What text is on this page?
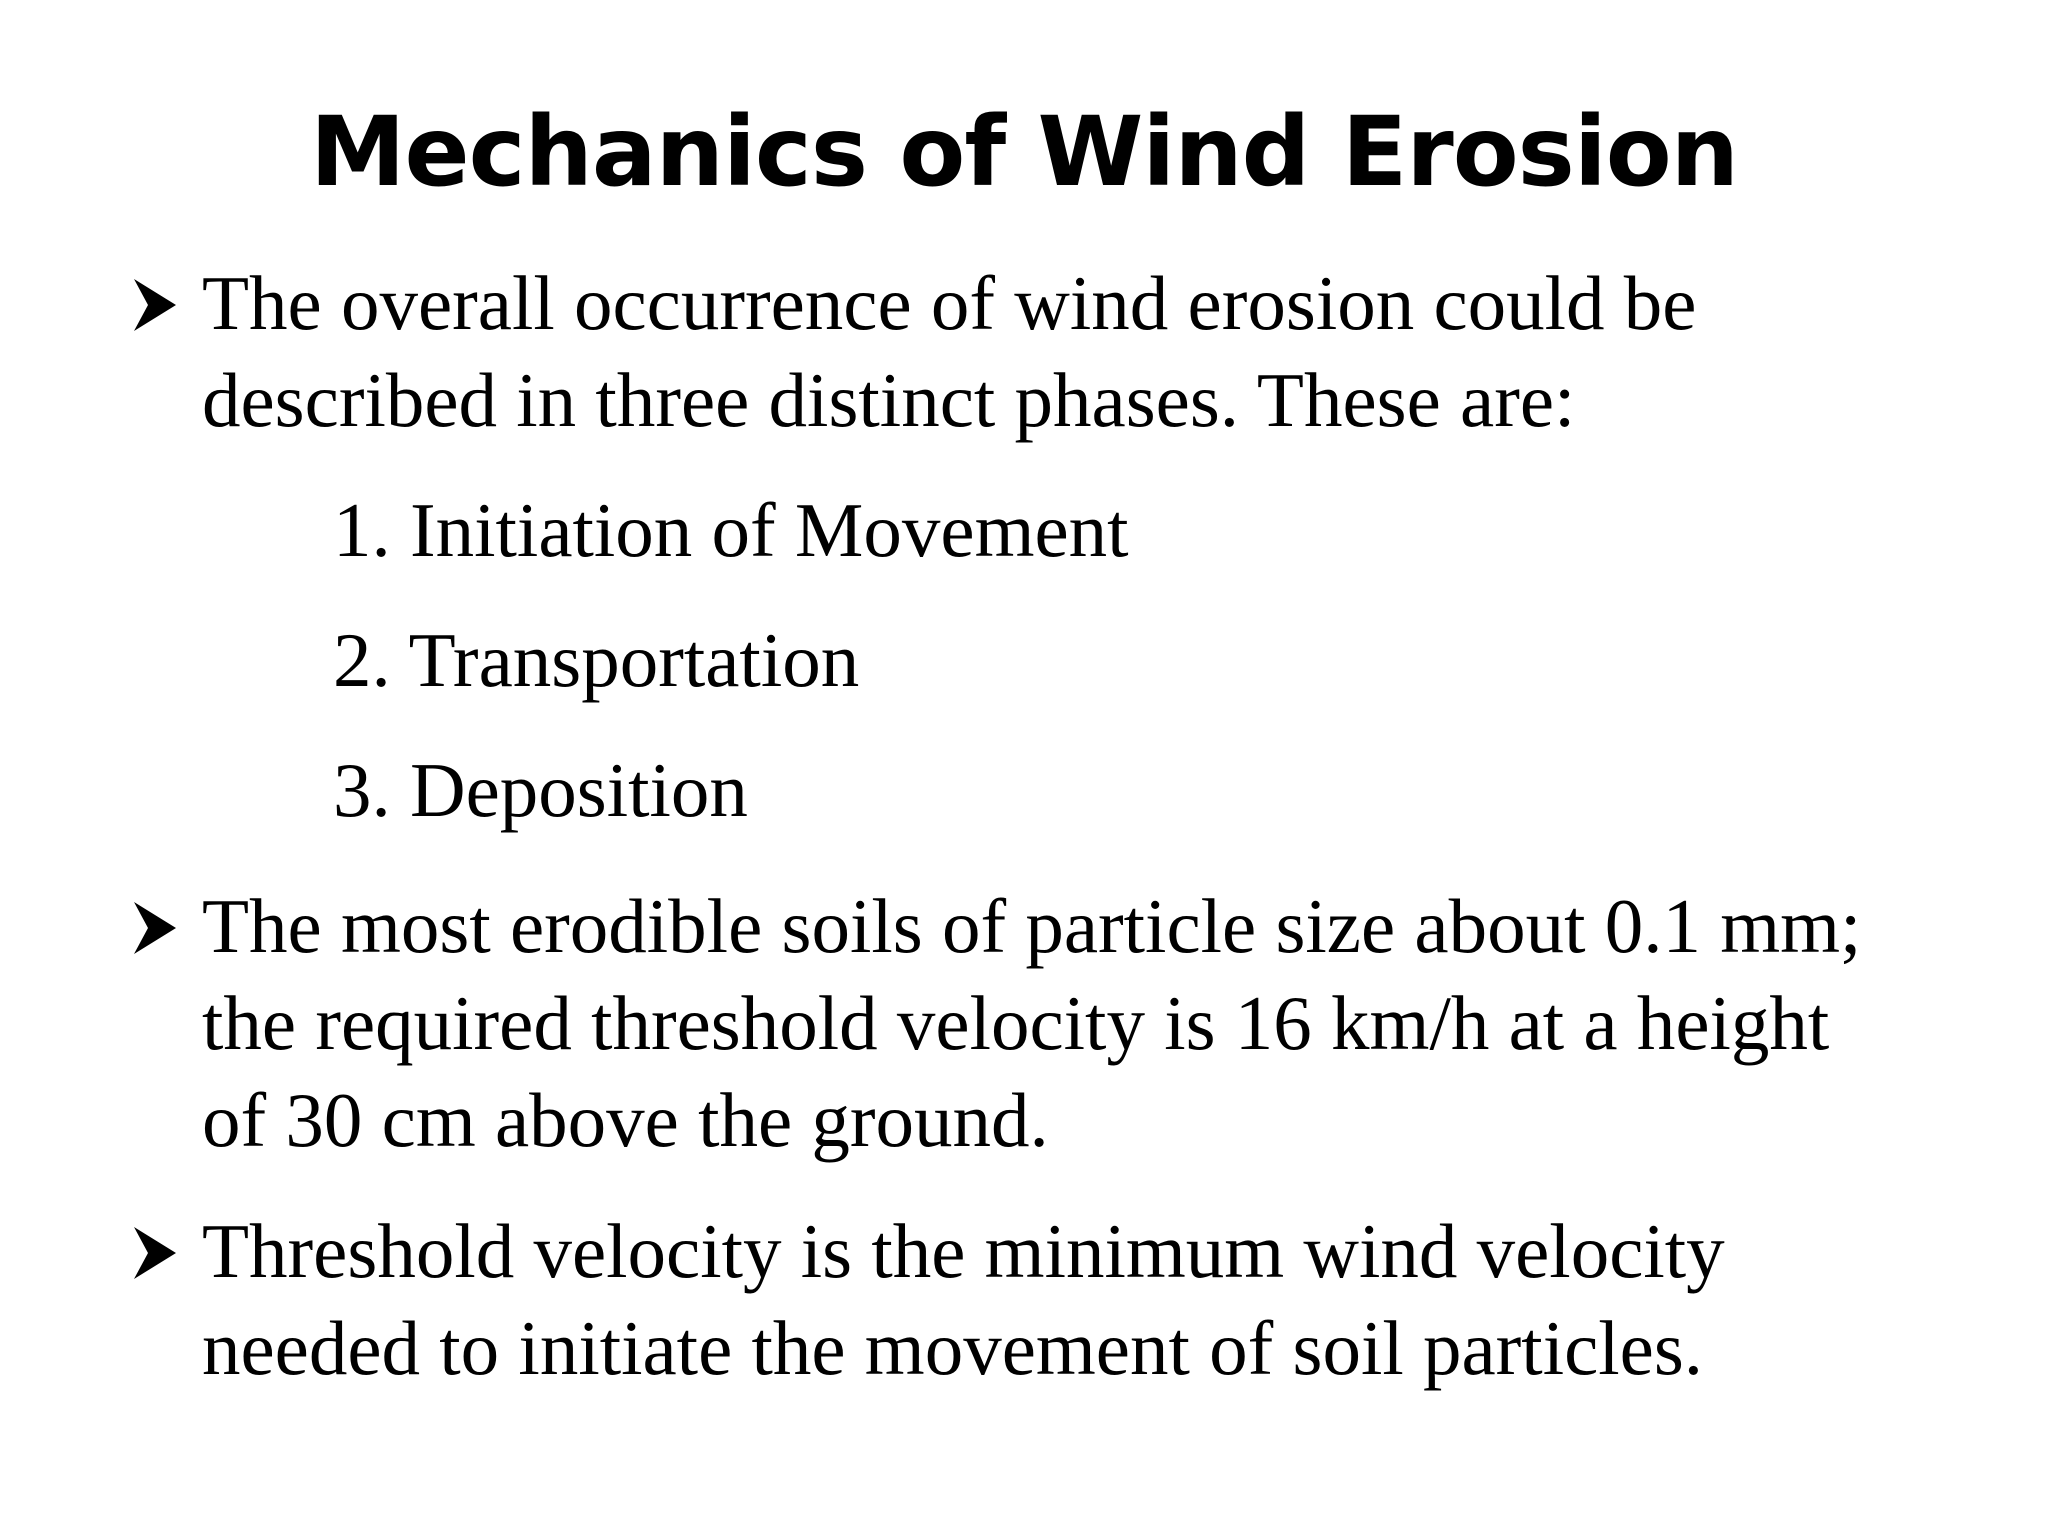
Mechanics of Wind Erosion
The overall occurrence of wind erosion could be
described in three distinct phases. These are:
1. Initiation of Movement
2. Transportation
3. Deposition
The most erodible soils of particle size about 0.1 mm;
the required threshold velocity is 16 km/h at a height
of 30 cm above the ground.
Threshold velocity is the minimum wind velocity
needed to initiate the movement of soil particles.
